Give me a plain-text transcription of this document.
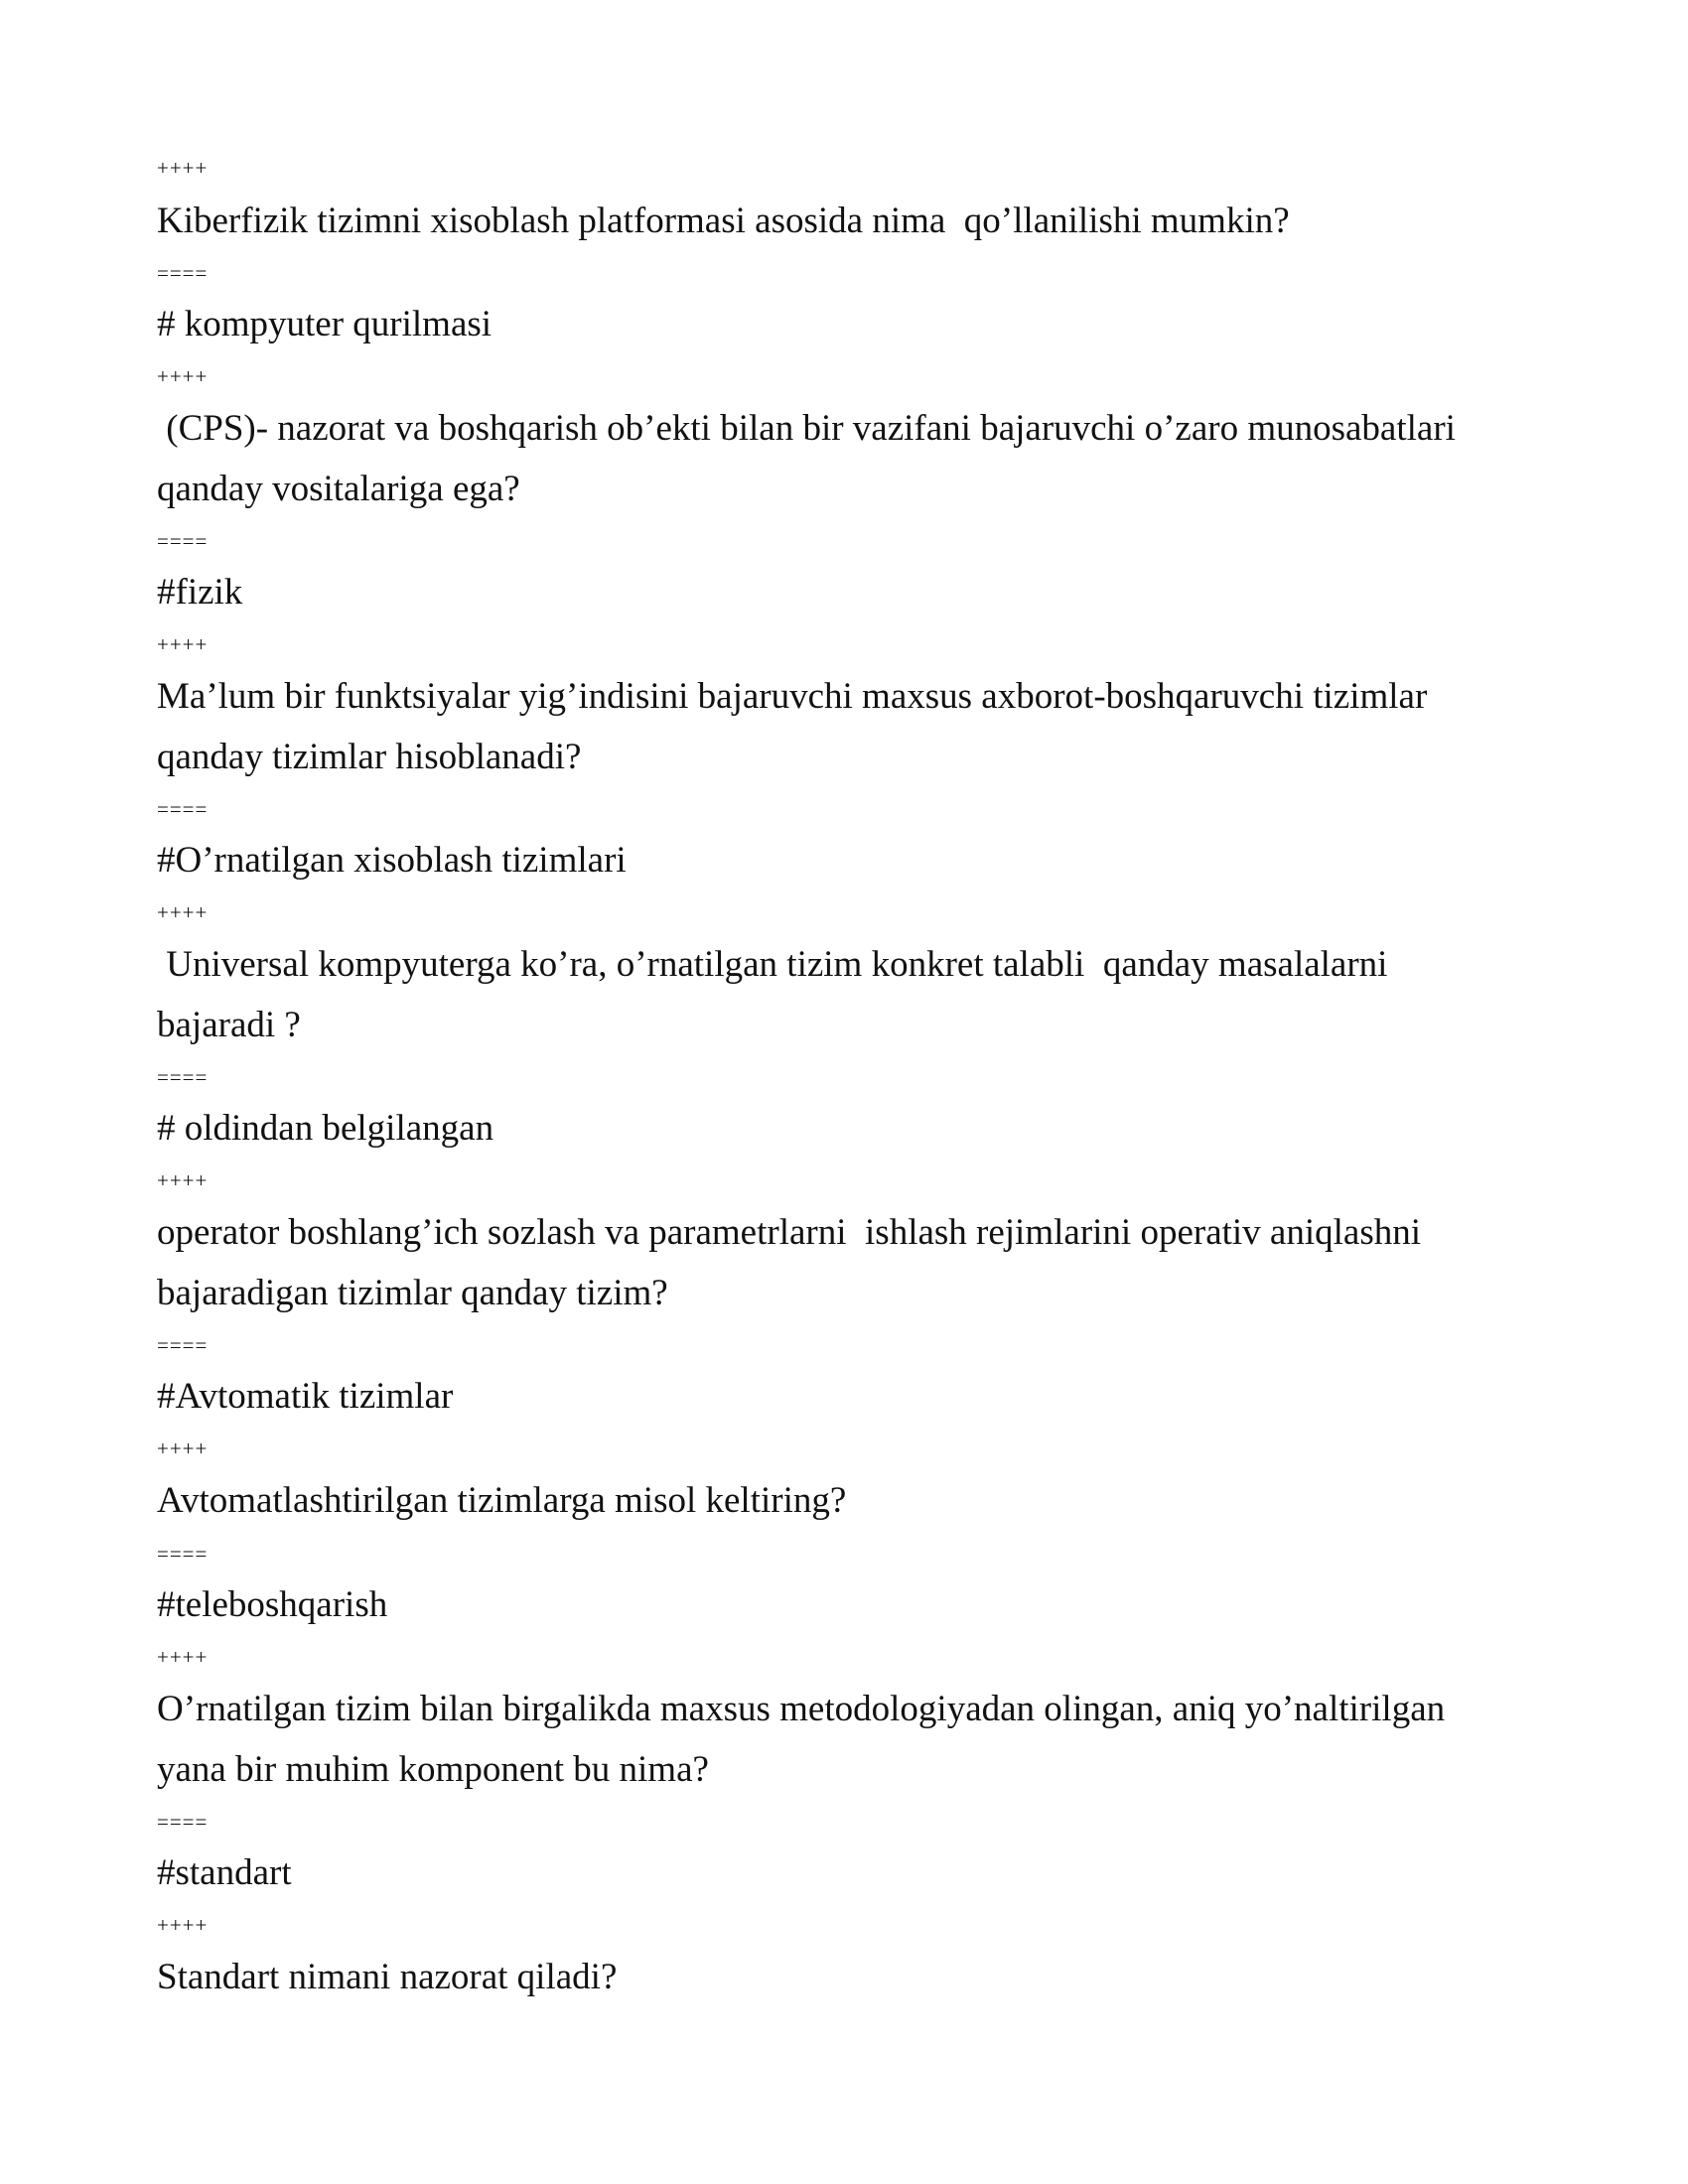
++++
Kiberfizik tizimni xisoblash platformasi asosida nima  qo’llanilishi mumkin?
====
# kompyuter qurilmasi
++++
(CPS)- nazorat va boshqarish ob’ekti bilan bir vazifani bajaruvchi o’zaro munosabatlari
qanday vositalariga ega?
====
#fizik
++++
Ma’lum bir funktsiyalar yig’indisini bajaruvchi maxsus axborot-boshqaruvchi tizimlar
qanday tizimlar hisoblanadi?
====
#O’rnatilgan xisoblash tizimlari
++++
Universal kompyuterga ko’ra, o’rnatilgan tizim konkret talabli  qanday masalalarni
bajaradi ?
====
# oldindan belgilangan
++++
operator boshlang’ich sozlash va parametrlarni  ishlash rejimlarini operativ aniqlashni
bajaradigan tizimlar qanday tizim?
====
#Avtomatik tizimlar
++++
Avtomatlashtirilgan tizimlarga misol keltiring?
====
#teleboshqarish
++++
O’rnatilgan tizim bilan birgalikda maxsus metodologiyadan olingan, aniq yo’naltirilgan
yana bir muhim komponent bu nima?
====
#standart
++++
Standart nimani nazorat qiladi?
